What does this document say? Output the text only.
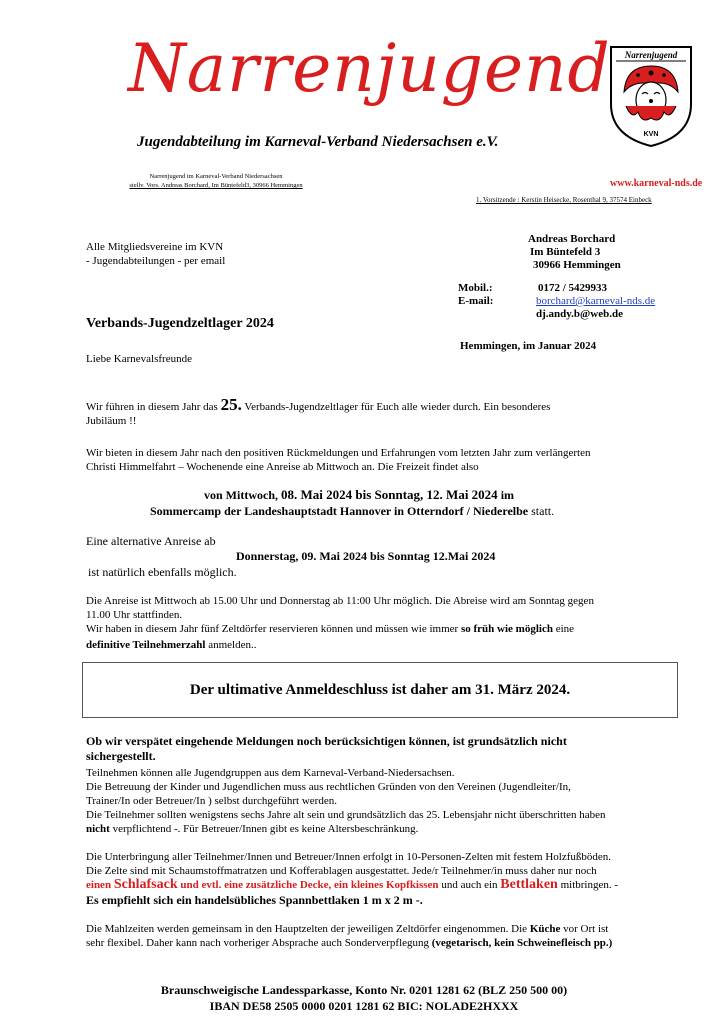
Narrenjugend
Jugendabteilung im Karneval-Verband Niedersachsen e.V.
Narrenjugend im Karneval-Verband Niedersachsen
stellv. Vors. Andreas Borchard, Im Büntefeld3, 30966 Hemmingen
Narrenjugend
KVN
www.karneval-nds.de
1. Vorsitzende : Kerstin Heisecke, Rosenthal 9, 37574 Einbeck
Alle Mitgliedsvereine im KVN
- Jugendabteilungen - per email
Andreas Borchard
Im Büntefeld 3
30966 Hemmingen
Mobil.:	0172 / 5429933
E-mail:	borchard@karneval-nds.de
dj.andy.b@web.de
Verbands-Jugendzeltlager 2024
Hemmingen, im Januar 2024
Liebe Karnevalsfreunde
Wir führen in diesem Jahr das 25. Verbands-Jugendzeltlager für Euch alle wieder durch. Ein besonderes
Jubiläum !!
Wir bieten in diesem Jahr nach den positiven Rückmeldungen und Erfahrungen vom letzten Jahr zum verlängerten
Christi Himmelfahrt – Wochenende eine Anreise ab Mittwoch an. Die Freizeit findet also
von Mittwoch, 08. Mai 2024 bis Sonntag, 12. Mai 2024 im
Sommercamp der Landeshauptstadt Hannover in Otterndorf / Niederelbe statt.
Eine alternative Anreise ab
Donnerstag, 09. Mai 2024 bis Sonntag 12.Mai 2024
ist natürlich ebenfalls möglich.
Die Anreise ist Mittwoch ab 15.00 Uhr und Donnerstag ab 11:00 Uhr möglich. Die Abreise wird am Sonntag gegen
11.00 Uhr stattfinden.
Wir haben in diesem Jahr fünf Zeltdörfer reservieren können und müssen wie immer so früh wie möglich eine
definitive Teilnehmerzahl anmelden..
Der ultimative Anmeldeschluss ist daher am 31. März 2024.
Ob wir verspätet eingehende Meldungen noch berücksichtigen können, ist grundsätzlich nicht
sichergestellt.
Teilnehmen können alle Jugendgruppen aus dem Karneval-Verband-Niedersachsen.
Die Betreuung der Kinder und Jugendlichen muss aus rechtlichen Gründen von den Vereinen (Jugendleiter/In,
Trainer/In oder Betreuer/In ) selbst durchgeführt werden.
Die Teilnehmer sollten wenigstens sechs Jahre alt sein und grundsätzlich das 25. Lebensjahr nicht überschritten haben
nicht verpflichtend -. Für Betreuer/Innen gibt es keine Altersbeschränkung.
Die Unterbringung aller Teilnehmer/Innen und Betreuer/Innen erfolgt in 10-Personen-Zelten mit festem Holzfußböden.
Die Zelte sind mit Schaumstoffmatratzen und Kofferablagen ausgestattet. Jede/r Teilnehmer/in muss daher nur noch
einen Schlafsack und evtl. eine zusätzliche Decke, ein kleines Kopfkissen und auch ein Bettlaken mitbringen. -
Es empfiehlt sich ein handelsübliches Spannbettlaken 1 m x 2 m -.
Die Mahlzeiten werden gemeinsam in den Hauptzelten der jeweiligen Zeltdörfer eingenommen. Die Küche vor Ort ist
sehr flexibel. Daher kann nach vorheriger Absprache auch Sonderverpflegung (vegetarisch, kein Schweinefleisch pp.)
Braunschweigische Landessparkasse, Konto Nr. 0201 1281 62 (BLZ 250 500 00)
IBAN DE58 2505 0000 0201 1281 62 BIC: NOLADE2HXXX
